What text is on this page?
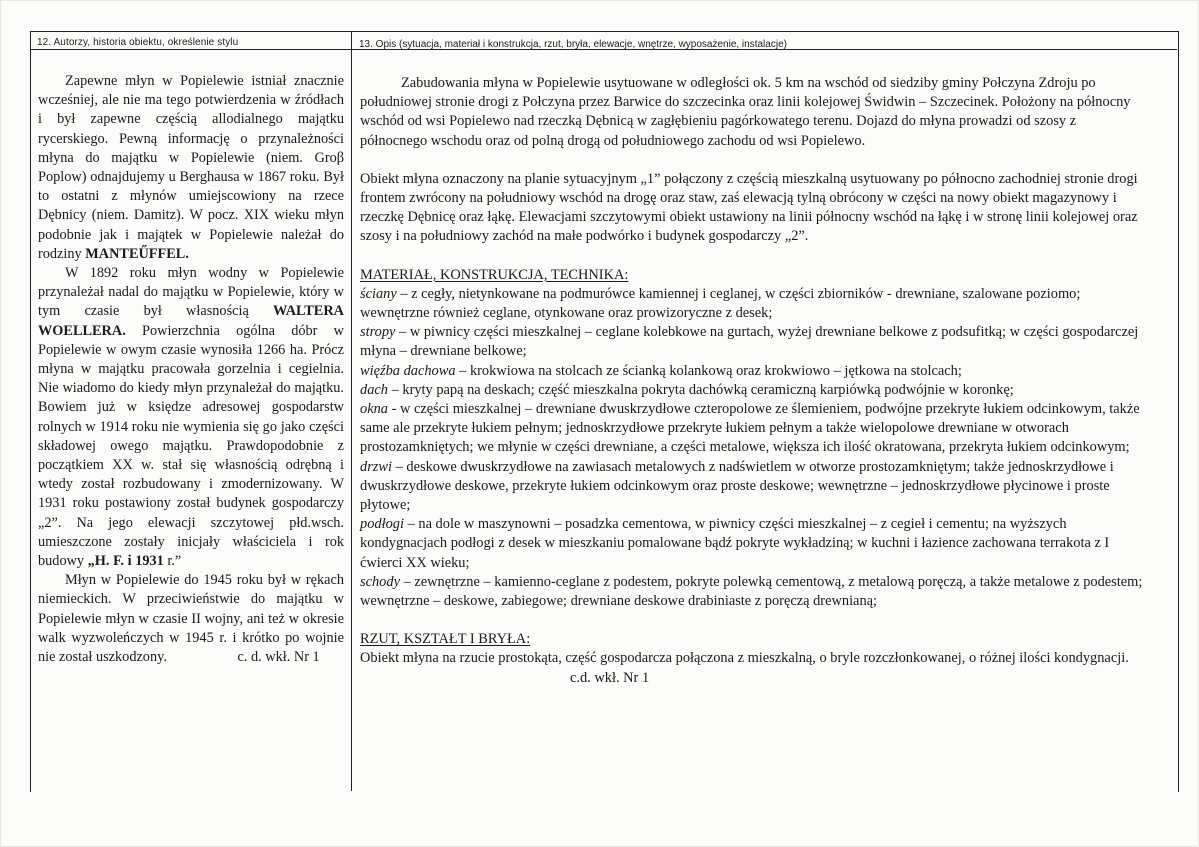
12. Autorzy, historia obiektu, określenie stylu	13. Opis (sytuacja, materiał i konstrukcja, rzut, bryła, elewacje, wnętrze, wyposażenie, instalacje)

Zapewne młyn w Popielewie istniał znacznie wcześniej, ale nie ma tego potwierdzenia w źródłach i był zapewne częścią allodialnego majątku rycerskiego. Pewną informację o przynależności młyna do majątku w Popielewie (niem. Groβ Poplow) odnajdujemy u Berghausa w 1867 roku. Był to ostatni z młynów umiejscowiony na rzece Dębnicy (niem. Damitz). W pocz. XIX wieku młyn podobnie jak i majątek w Popielewie należał do rodziny MANTEŰFFEL.

W 1892 roku młyn wodny w Popielewie przynależał nadal do majątku w Popielewie, który w tym czasie był własnością WALTERA WOELLERA. Powierzchnia ogólna dóbr w Popielewie w owym czasie wynosiła 1266 ha. Prócz młyna w majątku pracowała gorzelnia i cegielnia. Nie wiadomo do kiedy młyn przynależał do majątku. Bowiem już w księdze adresowej gospodarstw rolnych w 1914 roku nie wymienia się go jako części składowej owego majątku. Prawdopodobnie z początkiem XX w. stał się własnością odrębną i wtedy został rozbudowany i zmodernizowany. W 1931 roku postawiony został budynek gospodarczy „2”. Na jego elewacji szczytowej płd.wsch. umieszczone zostały inicjały właściciela i rok budowy „H. F. i 1931 r.”

Młyn w Popielewie do 1945 roku był w rękach niemieckich. W przeciwieństwie do majątku w Popielewie młyn w czasie II wojny, ani też w okresie walk wyzwoleńczych w 1945 r. i krótko po wojnie nie został uszkodzony.	c. d. wkł. Nr 1

Zabudowania młyna w Popielewie usytuowane w odległości ok. 5 km na wschód od siedziby gminy Połczyna Zdroju po południowej stronie drogi z Połczyna przez Barwice do szczecinka oraz linii kolejowej Świdwin – Szczecinek. Położony na północny wschód od wsi Popielewo nad rzeczką Dębnicą w zagłębieniu pagórkowatego terenu. Dojazd do młyna prowadzi od szosy z północnego wschodu oraz od polną drogą od południowego zachodu od wsi Popielewo.

Obiekt młyna oznaczony na planie sytuacyjnym „1” połączony z częścią mieszkalną usytuowany po północno zachodniej stronie drogi frontem zwrócony na południowy wschód na drogę oraz staw, zaś elewacją tylną obrócony w części na nowy obiekt magazynowy i rzeczkę Dębnicę oraz łąkę. Elewacjami szczytowymi obiekt ustawiony na linii północny wschód na łąkę i w stronę linii kolejowej oraz szosy i na południowy zachód na małe podwórko i budynek gospodarczy „2”.

MATERIAŁ, KONSTRUKCJA, TECHNIKA:

ściany – z cegły, nietynkowane na podmurówce kamiennej i ceglanej, w części zbiorników - drewniane, szalowane poziomo; wewnętrzne również ceglane, otynkowane oraz prowizoryczne z desek;

stropy – w piwnicy części mieszkalnej – ceglane kolebkowe na gurtach, wyżej drewniane belkowe z podsufitką; w części gospodarczej młyna – drewniane belkowe;

więźba dachowa – krokwiowa na stolcach ze ścianką kolankową oraz krokwiowo – jętkowa na stolcach;

dach – kryty papą na deskach; część mieszkalna pokryta dachówką ceramiczną karpiówką podwójnie w koronkę;

okna - w części mieszkalnej – drewniane dwuskrzydłowe czteropolowe ze ślemieniem, podwójne przekryte łukiem odcinkowym, także same ale przekryte łukiem pełnym; jednoskrzydłowe przekryte łukiem pełnym a także wielopolowe drewniane w otworach prostozamkniętych; we młynie w części drewniane, a części metalowe, większa ich ilość okratowana, przekryta łukiem odcinkowym;

drzwi – deskowe dwuskrzydłowe na zawiasach metalowych z nadświetlem w otworze prostozamkniętym; także jednoskrzydłowe i dwuskrzydłowe deskowe, przekryte łukiem odcinkowym oraz proste deskowe; wewnętrzne – jednoskrzydłowe płycinowe i proste płytowe;

podłogi – na dole w maszynowni – posadzka cementowa, w piwnicy części mieszkalnej – z cegieł i cementu; na wyższych kondygnacjach podłogi z desek w mieszkaniu pomalowane bądź pokryte wykładziną; w kuchni i łazience zachowana terrakota z I ćwierci XX wieku;

schody – zewnętrzne – kamienno-ceglane z podestem, pokryte polewką cementową, z metalową poręczą, a także metalowe z podestem; wewnętrzne – deskowe, zabiegowe; drewniane deskowe drabiniaste z poręczą drewnianą;

RZUT, KSZTAŁT I BRYŁA:

Obiekt młyna na rzucie prostokąta, część gospodarcza połączona z mieszkalną, o bryle rozczłonkowanej, o różnej ilości kondygnacji. c.d. wkł. Nr 1
